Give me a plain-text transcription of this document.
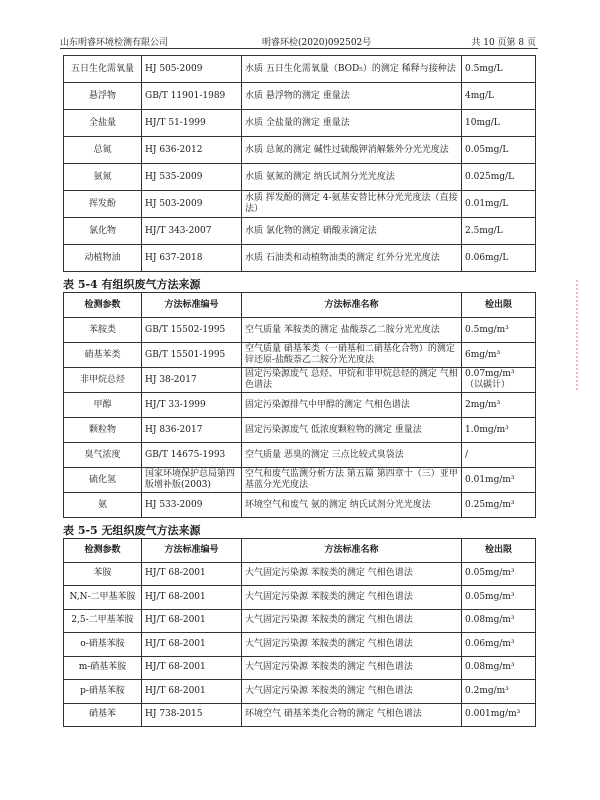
山东明睿环境检测有限公司	明睿环检(2020)092502号	共 10 页第 8 页
五日生化需氧量	HJ 505-2009	水质 五日生化需氧量（BOD₅）的测定 稀释与接种法	0.5mg/L
悬浮物	GB/T 11901-1989	水质 悬浮物的测定 重量法	4mg/L
全盐量	HJ/T 51-1999	水质 全盐量的测定 重量法	10mg/L
总氮	HJ 636-2012	水质 总氮的测定 碱性过硫酸钾消解紫外分光光度法	0.05mg/L
氨氮	HJ 535-2009	水质 氨氮的测定 纳氏试剂分光光度法	0.025mg/L
挥发酚	HJ 503-2009	水质 挥发酚的测定 4-氨基安替比林分光光度法（直接法）	0.01mg/L
氯化物	HJ/T 343-2007	水质 氯化物的测定 硝酸汞滴定法	2.5mg/L
动植物油	HJ 637-2018	水质 石油类和动植物油类的测定 红外分光光度法	0.06mg/L
表 5-4 有组织废气方法来源
检测参数	方法标准编号	方法标准名称	检出限
苯胺类	GB/T 15502-1995	空气质量 苯胺类的测定 盐酸萘乙二胺分光光度法	0.5mg/m³
硝基苯类	GB/T 15501-1995	空气质量 硝基苯类（一硝基和二硝基化合物）的测定 锌还原-盐酸萘乙二胺分光光度法	6mg/m³
非甲烷总烃	HJ 38-2017	固定污染源废气 总烃、甲烷和非甲烷总烃的测定 气相色谱法	0.07mg/m³（以碳计）
甲醇	HJ/T 33-1999	固定污染源排气中甲醇的测定 气相色谱法	2mg/m³
颗粒物	HJ 836-2017	固定污染源废气 低浓度颗粒物的测定 重量法	1.0mg/m³
臭气浓度	GB/T 14675-1993	空气质量 恶臭的测定 三点比较式臭袋法	/
硫化氢	国家环境保护总局第四版增补版(2003)	空气和废气监测分析方法 第五篇 第四章十（三）亚甲基蓝分光光度法	0.01mg/m³
氨	HJ 533-2009	环境空气和废气 氨的测定 纳氏试剂分光光度法	0.25mg/m³
表 5-5 无组织废气方法来源
检测参数	方法标准编号	方法标准名称	检出限
苯胺	HJ/T 68-2001	大气固定污染源 苯胺类的测定 气相色谱法	0.05mg/m³
N,N-二甲基苯胺	HJ/T 68-2001	大气固定污染源 苯胺类的测定 气相色谱法	0.05mg/m³
2,5-二甲基苯胺	HJ/T 68-2001	大气固定污染源 苯胺类的测定 气相色谱法	0.08mg/m³
o-硝基苯胺	HJ/T 68-2001	大气固定污染源 苯胺类的测定 气相色谱法	0.06mg/m³
m-硝基苯胺	HJ/T 68-2001	大气固定污染源 苯胺类的测定 气相色谱法	0.08mg/m³
p-硝基苯胺	HJ/T 68-2001	大气固定污染源 苯胺类的测定 气相色谱法	0.2mg/m³
硝基苯	HJ 738-2015	环境空气 硝基苯类化合物的测定 气相色谱法	0.001mg/m³
